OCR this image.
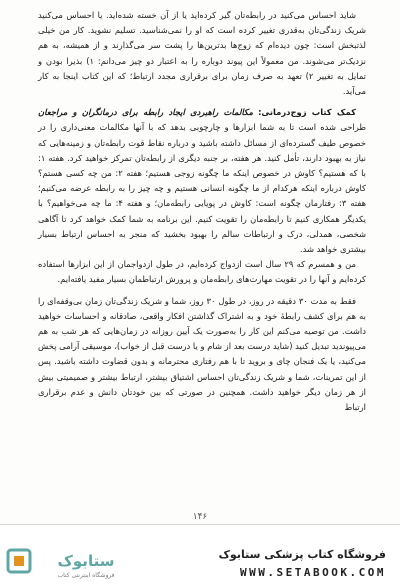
شاید احساس می‌کنید در رابطه‌تان گیر کرده‌اید یا از آن خسته شده‌اید. یا احساس می‌کنید شریک زندگی‌تان به‌قدری تغییر کرده است که او را نمی‌شناسید. تسلیم نشوید. کار من خیلی لذتبخش است: چون دیده‌ام که زوج‌ها بدترین‌ها را پشت سر می‌گذارند و از همیشه، به هم نزدیک‌تر می‌شوند. من معمولاً این پیوند دوباره را به اعتبار دو چیز می‌دانم: ۱) بذیرا بودن و تمایل به تغییر ۲) تعهد به صرف زمان برای برقراری مجدد ارتباط؛ که این کتاب اینجا به کار می‌آید.

کمک کتاب زوج‌درمانی: مکالمات راهبردی ایجاد رابطه برای درمانگران و مراجعان طراحی شده است تا به شما ابزارها و چارچوبی بدهد که با آنها مکالمات معنی‌داری را در خصوص طیف گسترده‌ای از مسائل داشته باشید و درباره نقاط قوت رابطه‌تان و زمینه‌هایی که نیاز به بهبود دارند، تأمل کنید. هر هفته، بر جنبه دیگری از رابطه‌تان تمرکز خواهید کرد. هفته ۱: با که هستیم؟ کاوش در خصوص اینکه ما چگونه زوجی هستیم؛ هفته ۲: من چه کسی هستم؟ کاوش درباره اینکه هرکدام از ما چگونه انسانی هستیم و چه چیز را به رابطه عرضه می‌کنیم؛ هفته ۳: رفتارمان چگونه است: کاوش در پویایی رابطه‌مان؛ و هفته ۴: ما چه می‌خواهیم؟ با یکدیگر همکاری کنیم تا رابطه‌مان را تقویت کنیم. این برنامه به شما کمک خواهد کرد تا آگاهی شخصی، همدلی، درک و ارتباطات سالم را بهبود بخشید که منجر به احساس ارتباط بسیار بیشتری خواهد شد.

من و همسرم که ۲۹ سال است ازدواج کرده‌ایم، در طول ازدواجمان از این ابزارها استفاده کرده‌ایم و آنها را در تقویت مهارت‌های رابطه‌مان و پرورش ارتباطمان بسیار مفید یافته‌ایم.

فقط به مدت ۳۰ دقیقه در روز، در طول ۳۰ روز، شما و شریک زندگی‌تان زمان بی‌وقفه‌ای را به هم برای کشف رابطهٔ خود و به اشتراک گذاشتن افکار واقعی، صادقانه و احساسات خواهید داشت. من توصیه می‌کنم این کار را به‌صورت یک آیین روزانه در زمان‌هایی که هر شب به هم می‌پیوندید تبدیل کنید (شاید درست بعد از شام و یا درست قبل از خواب)، موسیقی آرامی پخش می‌کنید، یا یک فنجان چای و بروید تا با هم رفتاری محترمانه و بدون قضاوت داشته باشید. پس از این تمرینات، شما و شریک زندگی‌تان احساس اشتیاق بیشتر، ارتباط بیشتر و صمیمیتی بیش از هر زمان دیگر خواهید داشت. همچنین در صورتی که بین خودتان دانش و عدم برقراری ارتباط

۱۴۶
ستابوک
فروشگاه اینترنتی کتاب
فروشگاه کتاب پزشکی ستابوک
WWW.SETABOOK.COM
